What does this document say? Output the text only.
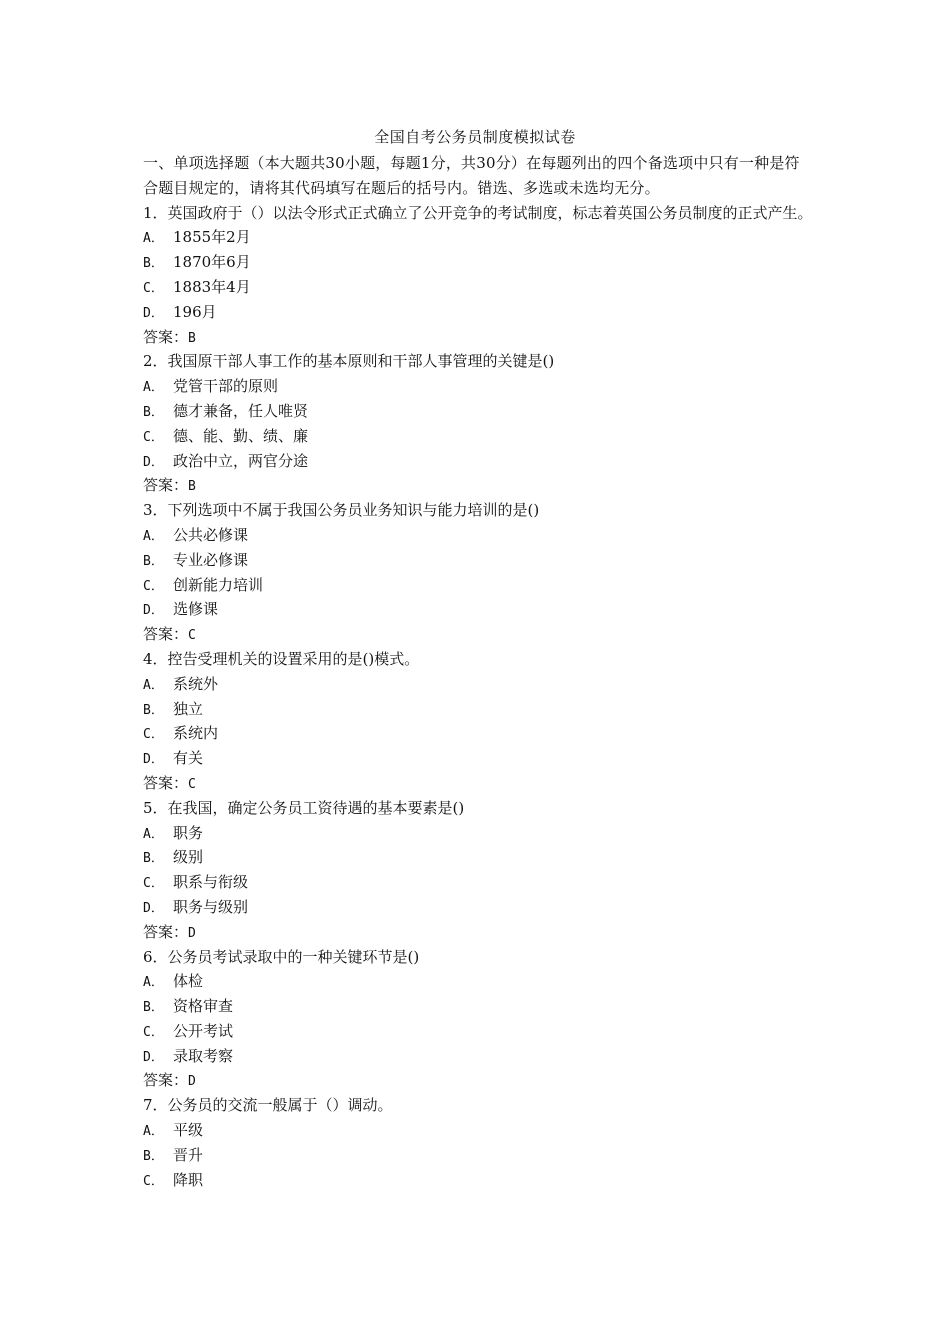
全国自考公务员制度模拟试卷
一、单项选择题（本大题共30小题，每题1分，共30分）在每题列出的四个备选项中只有一种是符合题目规定的，请将其代码填写在题后的括号内。错选、多选或未选均无分。
1．英国政府于（）以法令形式正式确立了公开竞争的考试制度，标志着英国公务员制度的正式产生。
A． 1855年2月
B． 1870年6月
C． 1883年4月
D． 196月
答案：B
2．我国原干部人事工作的基本原则和干部人事管理的关键是()
A． 党管干部的原则
B． 德才兼备，任人唯贤
C． 德、能、勤、绩、廉
D． 政治中立，两官分途
答案：B
3．下列选项中不属于我国公务员业务知识与能力培训的是()
A． 公共必修课
B． 专业必修课
C． 创新能力培训
D． 选修课
答案：C
4．控告受理机关的设置采用的是()模式。
A． 系统外
B． 独立
C． 系统内
D． 有关
答案：C
5．在我国，确定公务员工资待遇的基本要素是()
A． 职务
B． 级别
C． 职系与衔级
D． 职务与级别
答案：D
6．公务员考试录取中的一种关键环节是()
A． 体检
B． 资格审查
C． 公开考试
D． 录取考察
答案：D
7．公务员的交流一般属于（）调动。
A． 平级
B． 晋升
C． 降职
